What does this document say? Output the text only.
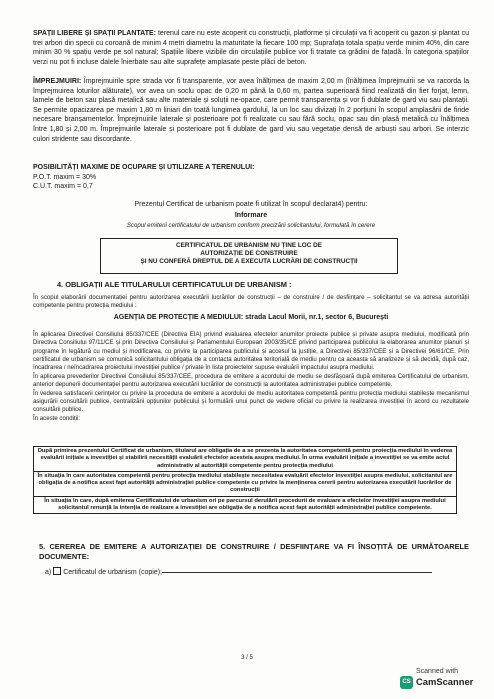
SPAȚII LIBERE ȘI SPAȚII PLANTATE: terenul care nu este acoperit cu construcții, platforme și circulații va fi acoperit cu gazon și plantat cu trei arbori din specii cu coroană de minim 4 metri diametru la maturitate la fiecare 100 mp; Suprafața totala spațiu verde minim 40%, din care minim 30 % spațiu verde pe sol natural; Spațiile libere vizibile din circulațiile publice vor fi tratate ca grădini de fațadă. În categoria spațiilor verzi nu pot fi incluse dalele înierbate sau alte suprafețe amplasate peste plăci de beton.

ÎMPREJMUIRI: Împrejmuirile spre strada vor fi transparente, vor avea înălțimea de maxim 2,00 m (înălțimea împrejmuirii se va racorda la împrejmuirea loturilor alăturate), vor avea un soclu opac de 0,20 m până la 0,60 m, partea superioară fiind realizată din fier forjat, lemn, lamele de beton sau plasă metalică sau alte materiale și soluții ne-opace, care permit transparența și vor fi dublate de gard viu sau plantații. Se permite opacizarea pe maxim 1,80 m liniari din toată lungimea gardului, la un loc sau divizați în 2 porțiuni în scopul amplasării de firide necesare branșamentelor. Împrejmuirile laterale și posterioare pot fi realizate cu sau fără soclu, opac sau din plasă metalică cu înălțimea între 1,80 și 2,00 m. Împrejmuirile laterale și posterioare pot fi dublate de gard viu sau vegetație densă de arbuști sau arbori. Se interzic culori stridente sau discordante.

POSIBILITĂȚI MAXIME DE OCUPARE ȘI UTILIZARE A TERENULUI:

P.O.T. maxim = 30%

C.U.T. maxim = 0,7

Prezentul Certificat de urbanism poate fi utilizat în scopul declarat4) pentru:

Informare

Scopul emiterii certificatului de urbanism conform precizării solicitantului, formulată în cerere

CERTIFICATUL DE URBANISM NU ȚINE LOC DE

AUTORIZAȚIE DE CONSTRUIRE

ȘI NU CONFERĂ DREPTUL DE A EXECUTA LUCRĂRI DE CONSTRUCȚII

4. OBLIGAȚII ALE TITULARULUI CERTIFICATULUI DE URBANISM :

În scopul elaborării documentației pentru autorizarea executării lucrărilor de construcții – de construire / de desființare – solicitantul se va adresa autorității competente pentru protecția mediului :

AGENȚIA DE PROTECȚIE A MEDIULUI: strada Lacul Morii, nr.1, sector 6, București

În aplicarea Directivei Consiliului 85/337/CEE (Directiva EIA) privind evaluarea efectelor anumitor proiecte publice și private asupra mediului, modificată prin Directiva Consiliului 97/11/CE și prin Directiva Consiliului și Parlamentului European 2003/35/CE privind participarea publicului la elaborarea anumitor planuri și programe în legătură cu mediul și modificarea, cu privire la participarea publicului și accesul la justiție, a Directivei 85/337/CEE și a Directivei 96/61/CE. Prin certificatul de urbanism se comunică solicitantului obligația de a contacta autoritatea teritorială de mediu pentru ca aceasta să analizeze și să decidă, după caz, încadrarea / neîncadrarea proiectului investiției publice / private în lista proiectelor supuse evaluării impactului asupra mediului.

În aplicarea prevederilor Directivei Consiliului 85/337/CEE, procedura de emitere a acordului de mediu se desfășoară după emiterea Certificatului de urbanism, anterior depunerii documentației pentru autorizarea executării lucrărilor de construcții la autoritatea administrației publice competente.

În vederea satisfacerii cerințelor cu privire la procedura de emitere a acordului de mediu autoritatea competentă pentru protecția mediului stabilește mecanismul asigurării consultării publice, centralizării opțiunilor publicului și formulării unui punct de vedere oficial cu privire la realizarea investiției în acord cu rezultatele consultării publice.

În aceste condiții:

După primirea prezentului Certificat de urbanism, titularul are obligația de a se prezenta la autoritatea competentă pentru protecția mediului în vederea evaluării inițiale a investiției și stabilirii necesității evaluării efectelor acesteia asupra mediului. În urma evaluării inițiale a investiției se va emite actul administrativ al autorității competente pentru protecția mediului

În situația în care autoritatea competentă pentru protecția mediului stabilește necesitatea evaluării efectelor investiției asupra mediului, solicitantul are obligația de a notifica acest fapt autorității administrației publice competente cu privire la menținerea cererii pentru autorizarea executării lucrărilor de construcții

În situația în care, după emiterea Certificatului de urbanism ori pe parcursul derulării procedurii de evaluare a efectelor investiției asupra mediului solicitantul renunță la intenția de realizare a investiției are obligația de a notifica acest fapt autorității administrației publice competente.

5. CEREREA DE EMITERE A AUTORIZAȚIEI DE CONSTRUIRE / DESFIINȚARE VA FI ÎNSOȚITĂ DE URMĂTOARELE DOCUMENTE:

a) Certificatul de urbanism (copie);

3 / 5

CS

Scanned with

CamScanner
